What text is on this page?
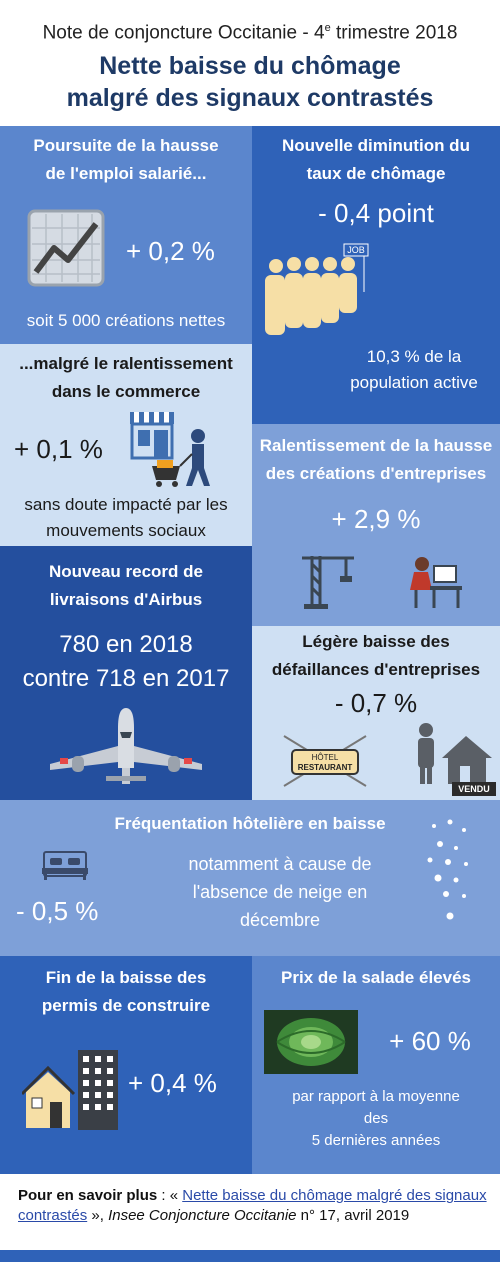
Note de conjoncture Occitanie - 4e trimestre 2018
Nette baisse du chômage
malgré des signaux contrastés
Poursuite de la hausse
de l'emploi salarié...
+ 0,2 %
soit 5 000 créations nettes
Nouvelle diminution du
taux de chômage
- 0,4 point
JOB
10,3 % de la
population active
...malgré le ralentissement
dans le commerce
+ 0,1 %
sans doute impacté par les
mouvements sociaux
Ralentissement de la hausse
des créations d'entreprises
+ 2,9 %
Nouveau record de
livraisons d'Airbus
780 en 2018
contre 718 en 2017
Légère baisse des
défaillances d'entreprises
- 0,7 %
HÔTEL
RESTAURANT
VENDU
Fréquentation hôtelière en baisse
- 0,5 %
notamment à cause de
l'absence de neige en
décembre
Fin de la baisse des
permis de construire
+ 0,4 %
Prix de la salade élevés
+ 60 %
par rapport à la moyenne
des
5 dernières années
Pour en savoir plus : « Nette baisse du chômage malgré des signaux contrastés », Insee Conjoncture Occitanie n° 17, avril 2019
